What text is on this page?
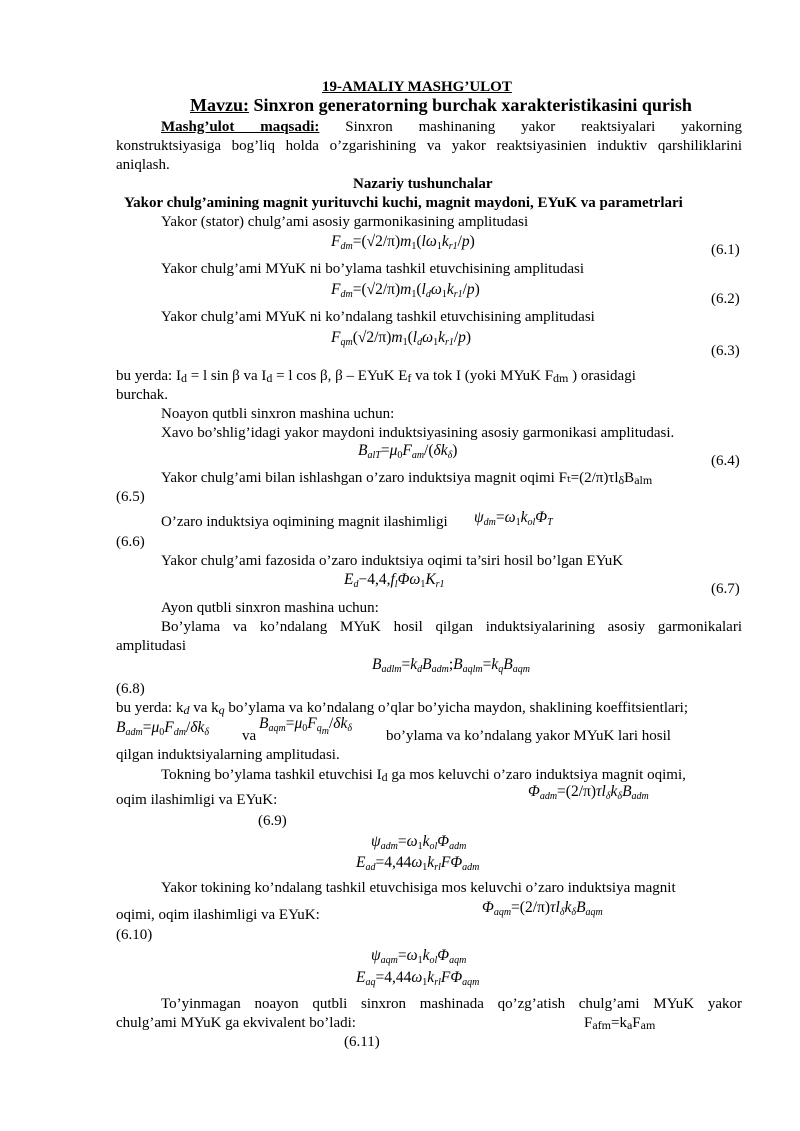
19-AMALIY MASHG’ULOT
Mavzu: Sinxron generatorning burchak xarakteristikasini qurish
Mashg’ulot maqsadi: Sinxron mashinaning yakor reaktsiyalari yakorning
konstruktsiyasiga bog’liq holda o’zgarishining va yakor reaktsiyasinien induktiv qarshiliklarini
aniqlash.
Nazariy tushunchalar
Yakor chulg’amining magnit yurituvchi kuchi, magnit maydoni, EYuK va parametrlari
Yakor (stator) chulg’ami asosiy garmonikasining amplitudasi
$F_{dm}=(√2/\pi)m_1(l\omega_1k_{r1}/p)$	(6.1)
Yakor chulg’ami MYuK ni bo’ylama tashkil etuvchisining amplitudasi
$F_{dm}=(√2/\pi)m_1(l_d\omega_1k_{r1}/p)$
(6.2)
Yakor chulg’ami MYuK ni ko’ndalang tashkil etuvchisining amplitudasi
$F_{qm}(√2/\pi)m_1(l_d\omega_1k_{r1}/p)$
(6.3)
bu yerda: $I_d = l$ sin β va $I_d = l$ cos β, β – EYuK $E_f$ va tok I (yoki MYuK $F_{dm}$ ) orasidagi
burchak.
Noayon qutbli sinxron mashina uchun:
Xavo bo’shlig’idagi yakor maydoni induktsiyasining asosiy garmonikasi amplitudasi.
$B_{alT}=\mu_0F_{am}/(\delta k_\delta)$
(6.4)
Yakor chulg’ami bilan ishlashgan o’zaro induktsiya magnit oqimi $F_t=(2/\pi)\tau l_\delta B_{alm}$
(6.5)
O’zaro induktsiya oqimining magnit ilashimligi $\psi_{dm}=\omega_1k_{ol}\Phi_T$
(6.6)
Yakor chulg’ami fazosida o’zaro induktsiya oqimi ta’siri hosil bo’lgan EYuK
$E_d-4,4,f_l\Phi\omega_1K_{r1}$	(6.7)
Ayon qutbli sinxron mashina uchun:
Bo’ylama va ko’ndalang MYuK hosil qilgan induktsiyalarining asosiy garmonikalari
amplitudasi
$B_{adlm}=k_dB_{adm};B_{aqlm}=k_qB_{aqm}$
(6.8)
bu yerda: $k_d$ va $k_q$ bo’ylama va ko’ndalang o’qlar bo’yicha maydon, shaklining koeffitsientlari;
$B_{adm}=\mu_0F_{dm}/\delta k_\delta$ va
$B_{aqm}=\mu_0F_{q_m}/\delta k_\delta$ bo’ylama va ko’ndalang yakor MYuK lari hosil
qilgan induktsiyalarning amplitudasi.
Tokning bo’ylama tashkil etuvchisi $I_d$ ga mos keluvchi o’zaro induktsiya magnit oqimi,
oqim ilashimligi va EYuK:	$\Phi_{adm}=(2/\pi)\tau l_\delta k_\delta B_{adm}$
(6.9)
$\psi_{adm}=\omega_1k_{ol}\Phi_{adm}$
$E_{ad}=4,44\omega_1k_{rl}F\Phi_{adm}$
Yakor tokining ko’ndalang tashkil etuvchisiga mos keluvchi o’zaro induktsiya magnit
oqimi, oqim ilashimligi va EYuK:	$\Phi_{aqm}=(2/\pi)\tau l_\delta k_\delta B_{aqm}$
(6.10)
$\psi_{aqm}=\omega_1k_{ol}\Phi_{aqm}$
$E_{aq}=4,44\omega_1k_{rl}F\Phi_{aqm}$
To’yinmagan noayon qutbli sinxron mashinada qo’zg’atish chulg’ami MYuK yakor
chulg’ami MYuK ga ekvivalent bo’ladi:	$F_{afm}=k_aF_{am}$
(6.11)
